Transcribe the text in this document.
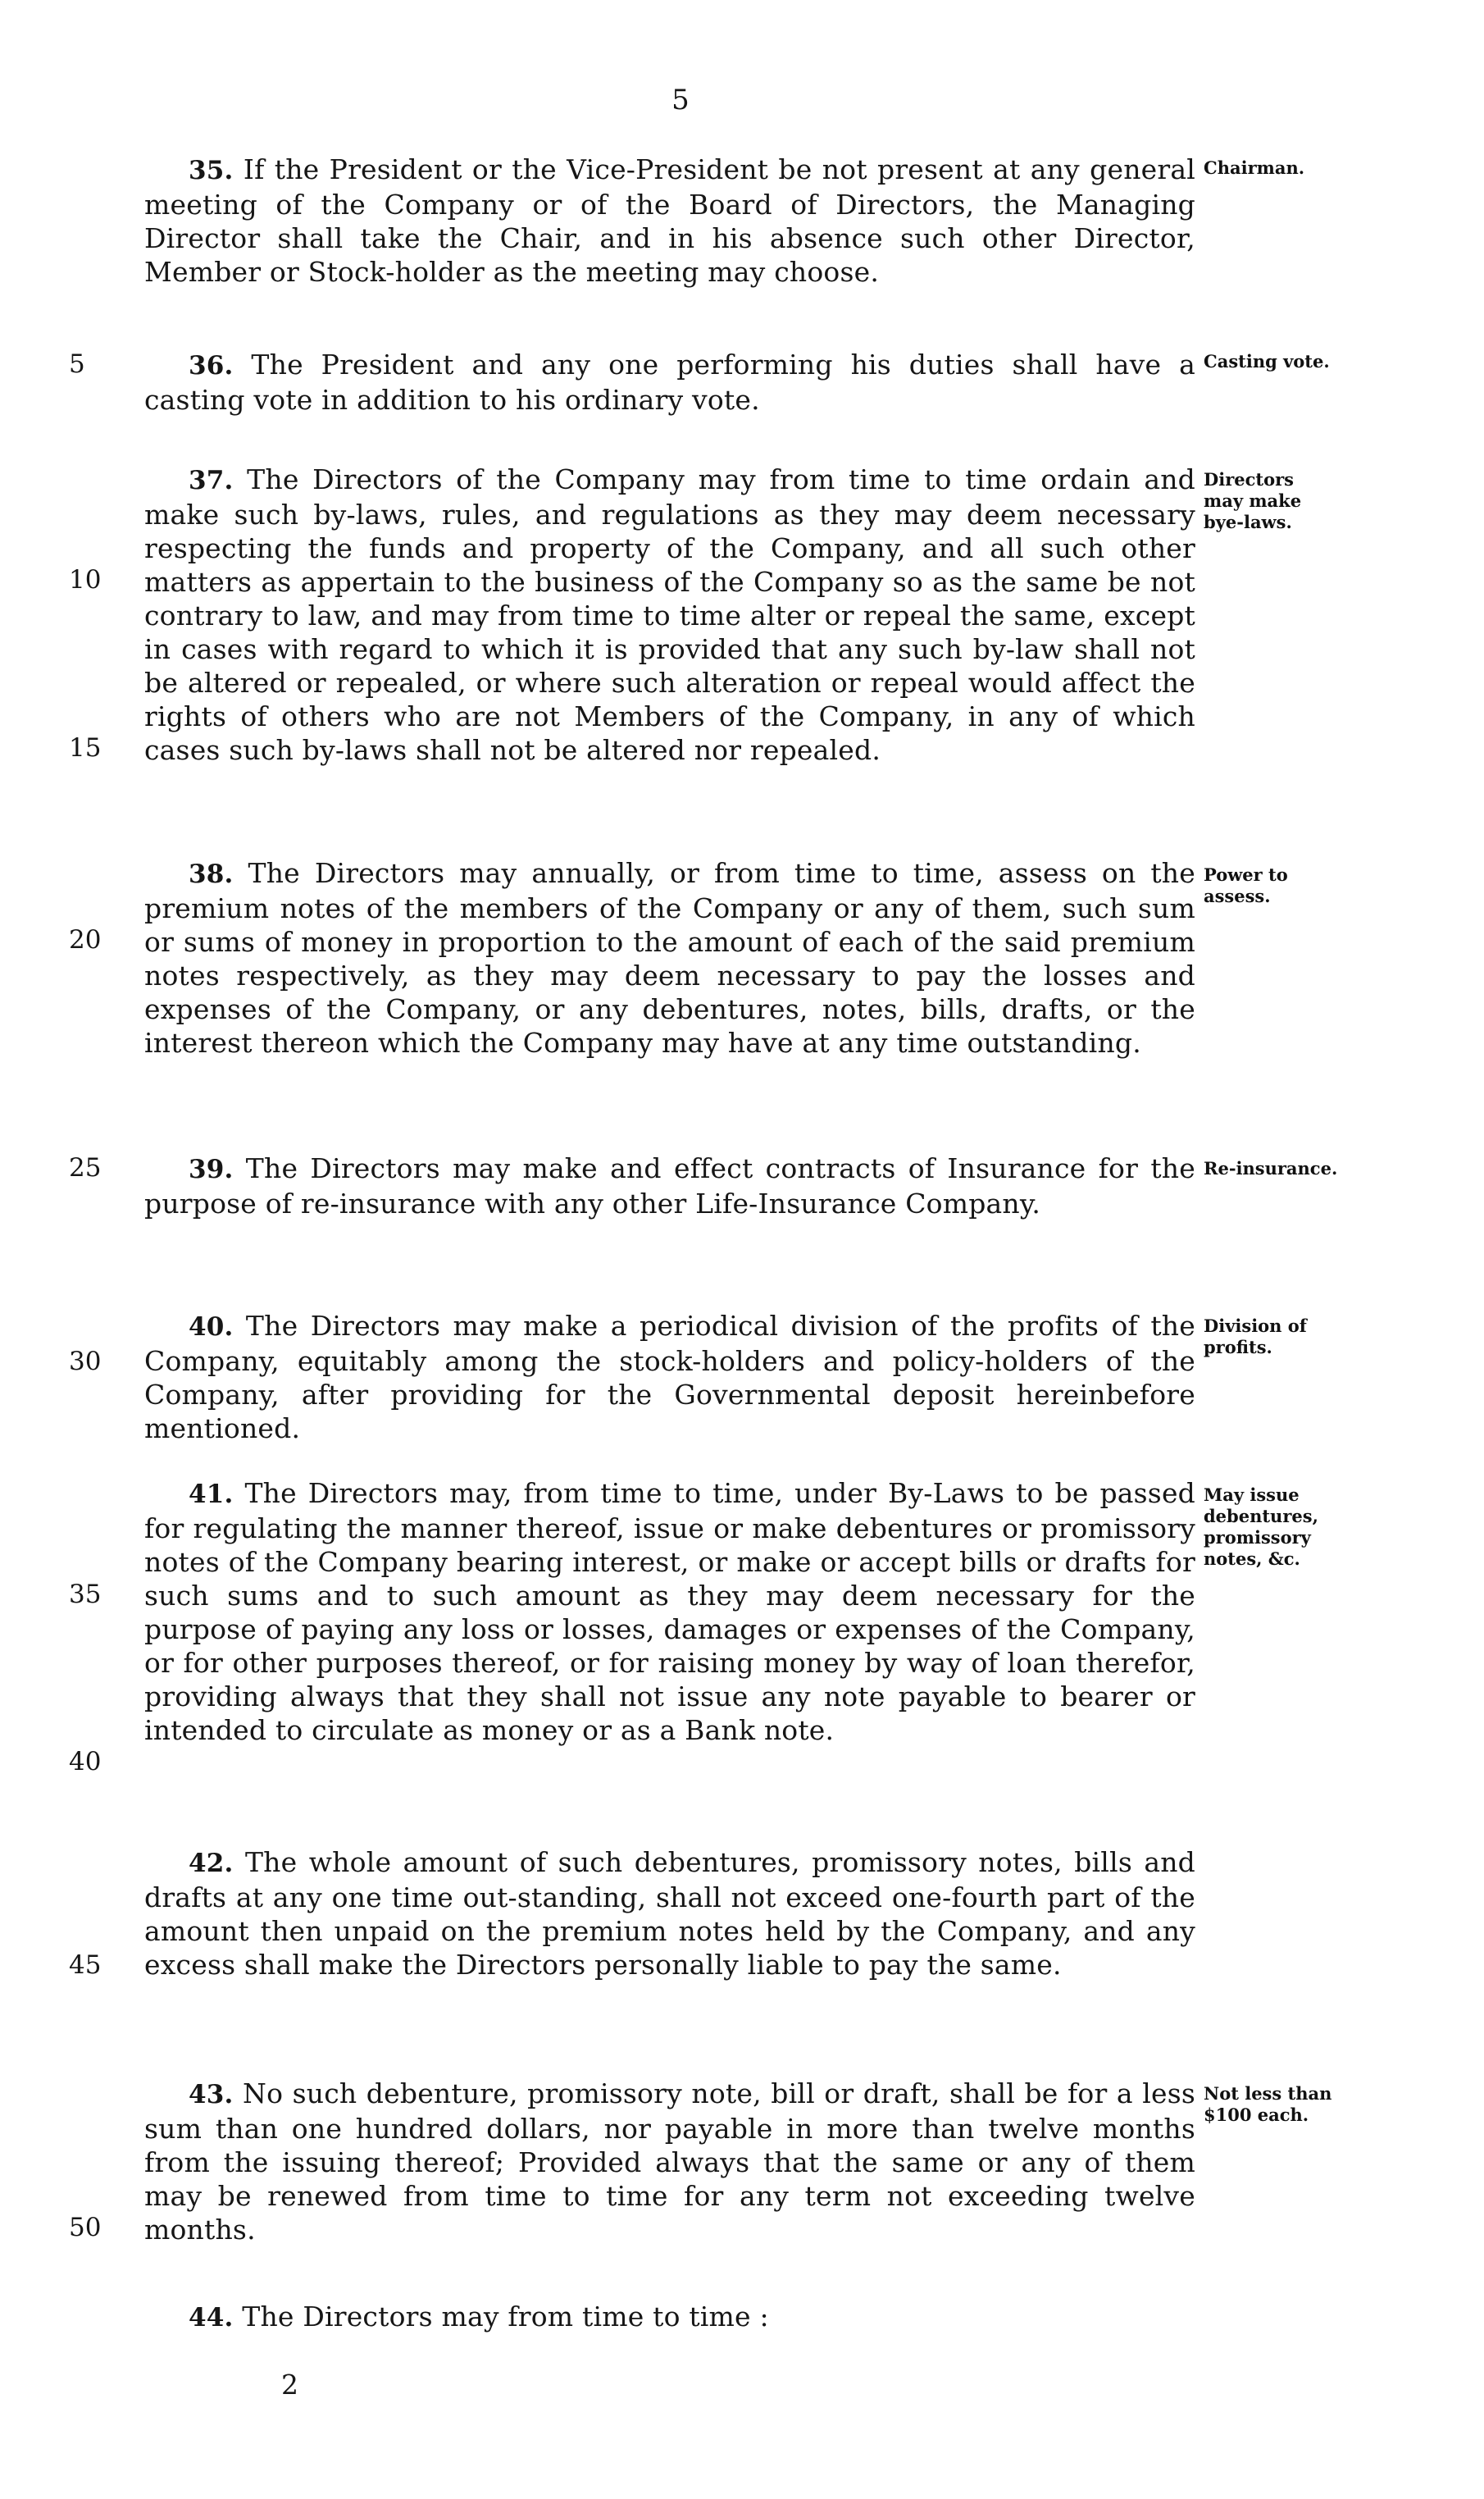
5

35. If the President or the Vice-President be not present at any general meeting of the Company or of the Board of Directors, the Managing Director shall take the Chair, and in his absence such other Director, Member or Stock-holder as the meeting may choose.

Chairman.

36. The President and any one performing his duties shall have a casting vote in addition to his ordinary vote.

Casting vote.

37. The Directors of the Company may from time to time ordain and make such by-laws, rules, and regulations as they may deem necessary respecting the funds and property of the Company, and all such other matters as appertain to the business of the Company so as the same be not contrary to law, and may from time to time alter or repeal the same, except in cases with regard to which it is provided that any such by-law shall not be altered or repealed, or where such alteration or repeal would affect the rights of others who are not Members of the Company, in any of which cases such by-laws shall not be altered nor repealed.

Directors may make bye-laws.

38. The Directors may annually, or from time to time, assess on the premium notes of the members of the Company or any of them, such sum or sums of money in proportion to the amount of each of the said premium notes respectively, as they may deem necessary to pay the losses and expenses of the Company, or any debentures, notes, bills, drafts, or the interest thereon which the Company may have at any time outstanding.

Power to assess.

39. The Directors may make and effect contracts of Insurance for the purpose of re-insurance with any other Life-Insurance Company.

Re-insurance.

40. The Directors may make a periodical division of the profits of the Company, equitably among the stock-holders and policy-holders of the Company, after providing for the Governmental deposit hereinbefore mentioned.

Division of profits.

41. The Directors may, from time to time, under By-Laws to be passed for regulating the manner thereof, issue or make debentures or promissory notes of the Company bearing interest, or make or accept bills or drafts for such sums and to such amount as they may deem necessary for the purpose of paying any loss or losses, damages or expenses of the Company, or for other purposes thereof, or for raising money by way of loan therefor, providing always that they shall not issue any note payable to bearer or intended to circulate as money or as a Bank note.

May issue debentures, promissory notes, &c.

42. The whole amount of such debentures, promissory notes, bills and drafts at any one time out-standing, shall not exceed one-fourth part of the amount then unpaid on the premium notes held by the Company, and any excess shall make the Directors personally liable to pay the same.

43. No such debenture, promissory note, bill or draft, shall be for a less sum than one hundred dollars, nor payable in more than twelve months from the issuing thereof; Provided always that the same or any of them may be renewed from time to time for any term not exceeding twelve months.

Not less than $100 each.

44. The Directors may from time to time :

5
10
15
20
25
30
35
40
45
50
2
